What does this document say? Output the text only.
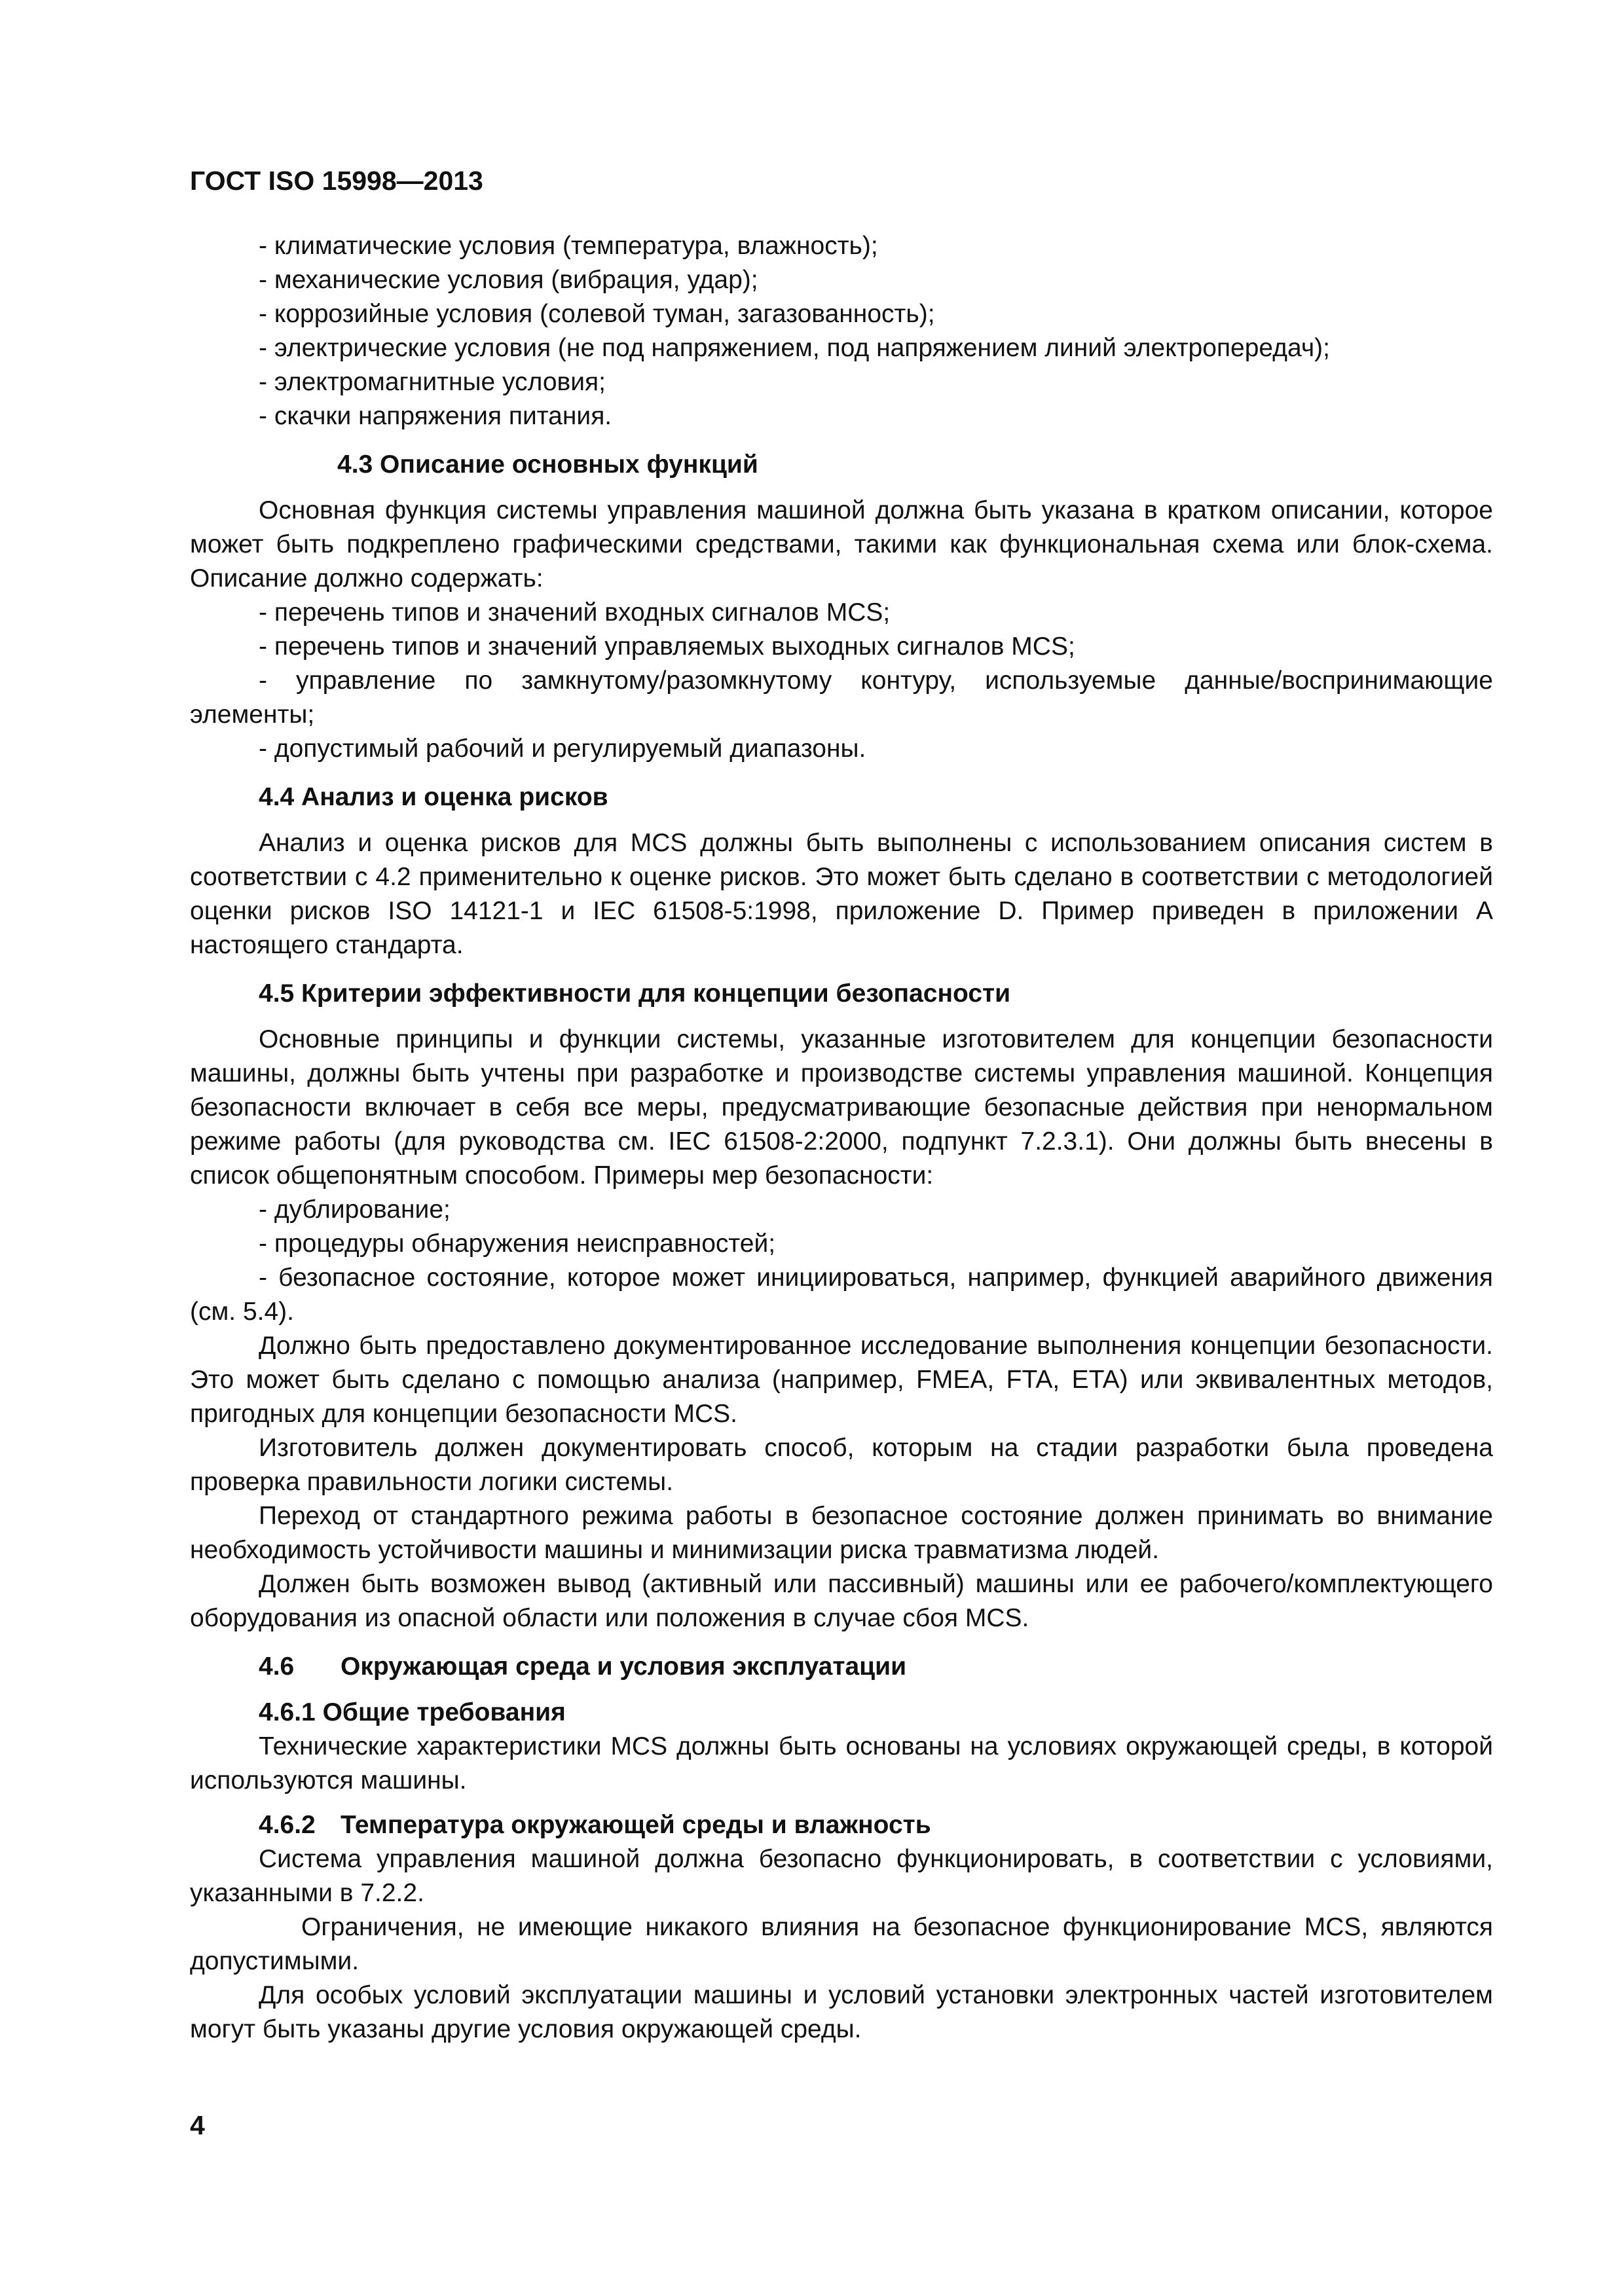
ГОСТ ISO 15998—2013

- климатические условия (температура, влажность);

- механические условия (вибрация, удар);

- коррозийные условия (солевой туман, загазованность);

- электрические условия (не под напряжением, под напряжением линий электропередач);

- электромагнитные условия;

- скачки напряжения питания.

4.3 Описание основных функций

Основная функция системы управления машиной должна быть указана в кратком описании, которое может быть подкреплено графическими средствами, такими как функциональная схема или блок-схема. Описание должно содержать:

- перечень типов и значений входных сигналов MCS;

- перечень типов и значений управляемых выходных сигналов MCS;

- управление по замкнутому/разомкнутому контуру, используемые данные/воспринимающие элементы;

- допустимый рабочий и регулируемый диапазоны.

4.4 Анализ и оценка рисков

Анализ и оценка рисков для MCS должны быть выполнены с использованием описания систем в соответствии с 4.2 применительно к оценке рисков. Это может быть сделано в соответствии с методологией оценки рисков ISO 14121-1 и IEC 61508-5:1998, приложение D. Пример приведен в приложении А настоящего стандарта.

4.5 Критерии эффективности для концепции безопасности

Основные принципы и функции системы, указанные изготовителем для концепции безопасности машины, должны быть учтены при разработке и производстве системы управления машиной. Концепция безопасности включает в себя все меры, предусматривающие безопасные действия при ненормальном режиме работы (для руководства см. IEC 61508-2:2000, подпункт 7.2.3.1). Они должны быть внесены в список общепонятным способом. Примеры мер безопасности:

- дублирование;

- процедуры обнаружения неисправностей;

- безопасное состояние, которое может инициироваться, например, функцией аварийного движения (см. 5.4).

Должно быть предоставлено документированное исследование выполнения концепции безопасности. Это может быть сделано с помощью анализа (например, FMEA, FTA, ETA) или эквивалентных методов, пригодных для концепции безопасности MCS.

Изготовитель должен документировать способ, которым на стадии разработки была проведена проверка правильности логики системы.

Переход от стандартного режима работы в безопасное состояние должен принимать во внимание необходимость устойчивости машины и минимизации риска травматизма людей.

Должен быть возможен вывод (активный или пассивный) машины или ее рабочего/комплектующего оборудования из опасной области или положения в случае сбоя MCS.

4.6 Окружающая среда и условия эксплуатации
4.6.1 Общие требования

Технические характеристики MCS должны быть основаны на условиях окружающей среды, в которой используются машины.

4.6.2 Температура окружающей среды и влажность

Система управления машиной должна безопасно функционировать, в соответствии с условиями, указанными в 7.2.2.

Ограничения, не имеющие никакого влияния на безопасное функционирование MCS, являются допустимыми.

Для особых условий эксплуатации машины и условий установки электронных частей изготовителем могут быть указаны другие условия окружающей среды.

4
